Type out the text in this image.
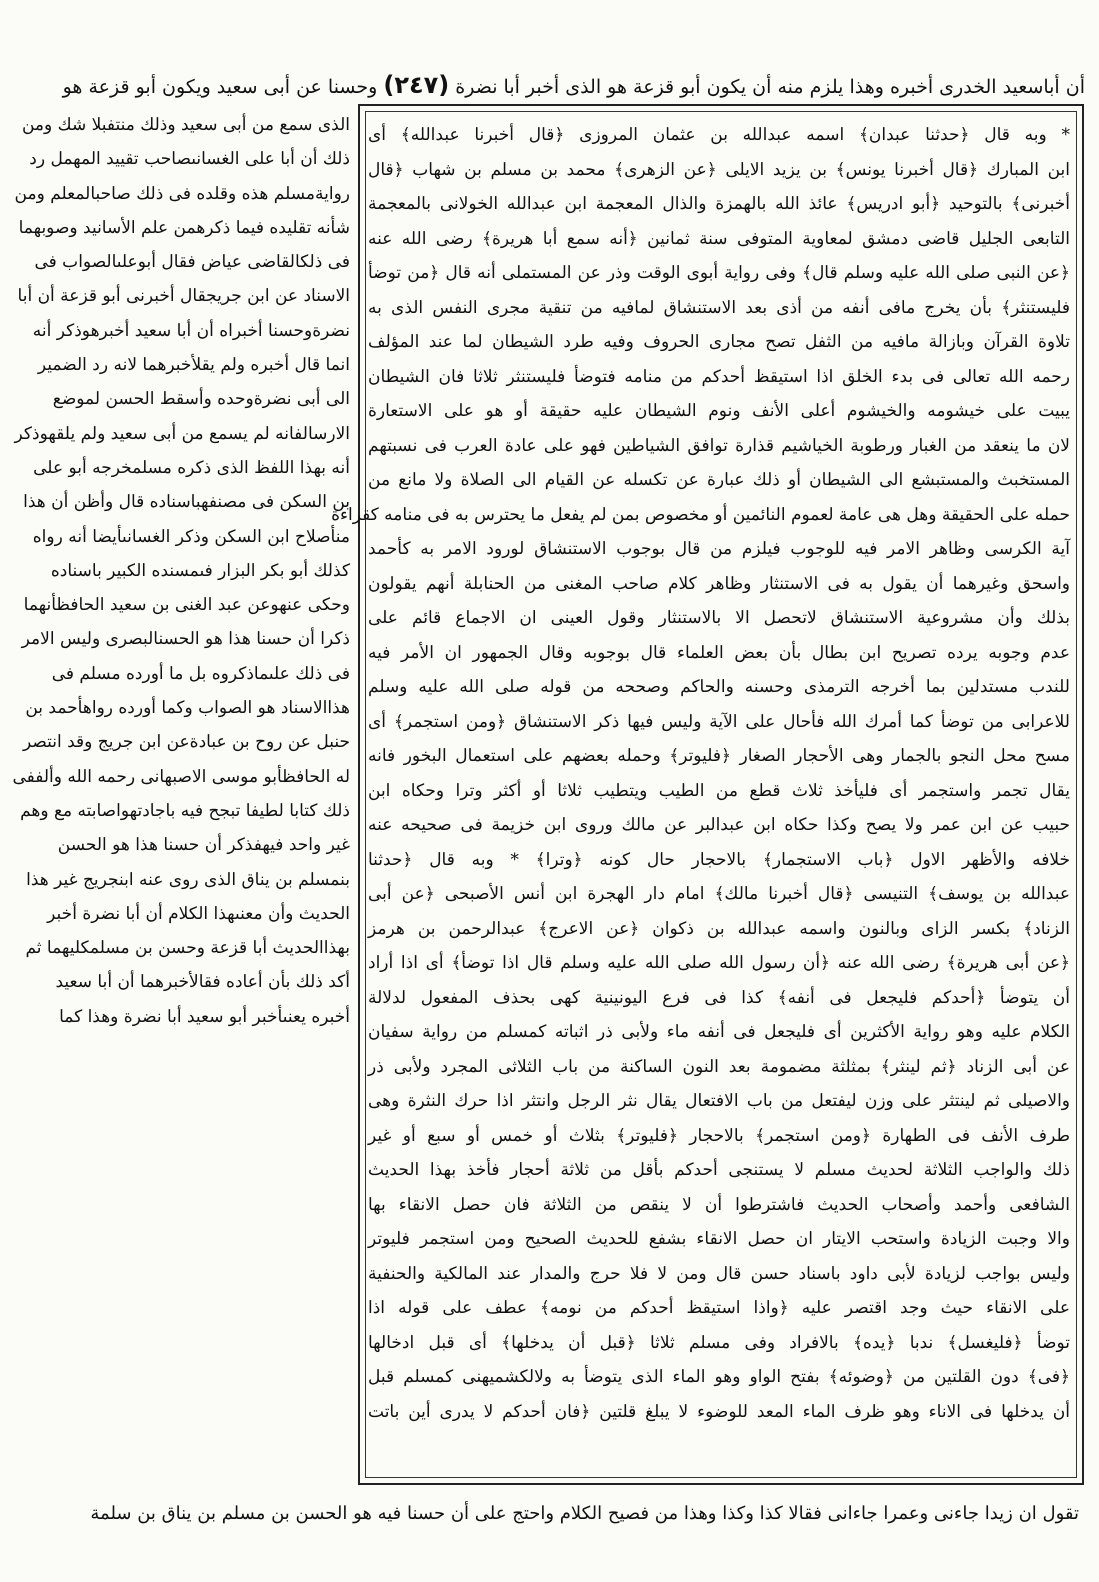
أن أباسعيد الخدرى أخبره وهذا يلزم منه أن يكون أبو قزعة هو الذى أخبر أبا نضرة (٢٤٧) وحسنا عن أبى سعيد ويكون أبو قزعة هو
* وبه قال ﴿حدثنا عبدان﴾ اسمه عبدالله بن عثمان المروزى ﴿قال أخبرنا عبدالله﴾ أى
ابن المبارك ﴿قال أخبرنا يونس﴾ بن يزيد الايلى ﴿عن الزهرى﴾ محمد بن مسلم بن شهاب ﴿قال
أخبرنى﴾ بالتوحيد ﴿أبو ادريس﴾ عائذ الله بالهمزة والذال المعجمة ابن عبدالله الخولانى بالمعجمة
التابعى الجليل قاضى دمشق لمعاوية المتوفى سنة ثمانين ﴿أنه سمع أبا هريرة﴾ رضى الله عنه
﴿عن النبى صلى الله عليه وسلم قال﴾ وفى رواية أبوى الوقت وذر عن المستملى أنه قال ﴿من توضأ
فليستنثر﴾ بأن يخرج مافى أنفه من أذى بعد الاستنشاق لمافيه من تنقية مجرى النفس الذى به
تلاوة القرآن وبازالة مافيه من الثفل تصح مجارى الحروف وفيه طرد الشيطان لما عند المؤلف
رحمه الله تعالى فى بدء الخلق اذا استيقظ أحدكم من منامه فتوضأ فليستنثر ثلاثا فان الشيطان
يبيت على خيشومه والخيشوم أعلى الأنف ونوم الشيطان عليه حقيقة أو هو على الاستعارة
لان ما ينعقد من الغبار ورطوبة الخياشيم قذارة توافق الشياطين فهو على عادة العرب فى نسبتهم
المستخبث والمستبشع الى الشيطان أو ذلك عبارة عن تكسله عن القيام الى الصلاة ولا مانع من
حمله على الحقيقة وهل هى عامة لعموم النائمين أو مخصوص بمن لم يفعل ما يحترس به فى منامه كقراءة
آية الكرسى وظاهر الامر فيه للوجوب فيلزم من قال بوجوب الاستنشاق لورود الامر به كأحمد
واسحق وغيرهما أن يقول به فى الاستنثار وظاهر كلام صاحب المغنى من الحنابلة أنهم يقولون
بذلك وأن مشروعية الاستنشاق لاتحصل الا بالاستنثار وقول العينى ان الاجماع قائم على
عدم وجوبه يرده تصريح ابن بطال بأن بعض العلماء قال بوجوبه وقال الجمهور ان الأمر فيه
للندب مستدلين بما أخرجه الترمذى وحسنه والحاكم وصححه من قوله صلى الله عليه وسلم
للاعرابى من توضأ كما أمرك الله فأحال على الآية وليس فيها ذكر الاستنشاق ﴿ومن استجمر﴾ أى
مسح محل النجو بالجمار وهى الأحجار الصغار ﴿فليوتر﴾ وحمله بعضهم على استعمال البخور فانه
يقال تجمر واستجمر أى فليأخذ ثلاث قطع من الطيب ويتطيب ثلاثا أو أكثر وترا وحكاه ابن
حبيب عن ابن عمر ولا يصح وكذا حكاه ابن عبدالبر عن مالك وروى ابن خزيمة فى صحيحه عنه
خلافه والأظهر الاول ﴿باب الاستجمار﴾ بالاحجار حال كونه ﴿وترا﴾ * وبه قال ﴿حدثنا
عبدالله بن يوسف﴾ التنيسى ﴿قال أخبرنا مالك﴾ امام دار الهجرة ابن أنس الأصبحى ﴿عن أبى
الزناد﴾ بكسر الزاى وبالنون واسمه عبدالله بن ذكوان ﴿عن الاعرج﴾ عبدالرحمن بن هرمز
﴿عن أبى هريرة﴾ رضى الله عنه ﴿أن رسول الله صلى الله عليه وسلم قال اذا توضأ﴾ أى اذا أراد
أن يتوضأ ﴿أحدكم فليجعل فى أنفه﴾ كذا فى فرع اليونينية كهى بحذف المفعول لدلالة
الكلام عليه وهو رواية الأكثرين أى فليجعل فى أنفه ماء ولأبى ذر اثباته كمسلم من رواية سفيان
عن أبى الزناد ﴿ثم لينثر﴾ بمثلثة مضمومة بعد النون الساكنة من باب الثلاثى المجرد ولأبى ذر
والاصيلى ثم لينتثر على وزن ليفتعل من باب الافتعال يقال نثر الرجل وانتثر اذا حرك النثرة وهى
طرف الأنف فى الطهارة ﴿ومن استجمر﴾ بالاحجار ﴿فليوتر﴾ بثلاث أو خمس أو سبع أو غير
ذلك والواجب الثلاثة لحديث مسلم لا يستنجى أحدكم بأقل من ثلاثة أحجار فأخذ بهذا الحديث
الشافعى وأحمد وأصحاب الحديث فاشترطوا أن لا ينقص من الثلاثة فان حصل الانقاء بها
والا وجبت الزيادة واستحب الايتار ان حصل الانقاء بشفع للحديث الصحيح ومن استجمر فليوتر
وليس بواجب لزيادة لأبى داود باسناد حسن قال ومن لا فلا حرج والمدار عند المالكية والحنفية
على الانقاء حيث وجد اقتصر عليه ﴿واذا استيقظ أحدكم من نومه﴾ عطف على قوله اذا
توضأ ﴿فليغسل﴾ ندبا ﴿يده﴾ بالافراد وفى مسلم ثلاثا ﴿قبل أن يدخلها﴾ أى قبل ادخالها
﴿فى﴾ دون القلتين من ﴿وضوئه﴾ بفتح الواو وهو الماء الذى يتوضأ به ولالكشميهنى كمسلم قبل
أن يدخلها فى الاناء وهو ظرف الماء المعد للوضوء لا يبلغ قلتين ﴿فان أحدكم لا يدرى أين باتت
الذى سمع من أبى سعيد وذلك منتفبلا شك ومن ذلك أن أبا على الغسانىصاحب تقييد المهمل رد روايةمسلم هذه وقلده فى ذلك صاحبالمعلم ومن شأنه تقليده فيما ذكرهمن علم الأسانيد وصوبهما فى ذلكالقاضى عياض فقال أبوعلىالصواب فى الاسناد عن ابن جريجقال أخبرنى أبو قزعة أن أبا نضرةوحسنا أخبراه أن أبا سعيد أخبرهوذكر أنه انما قال أخبره ولم يقلأخبرهما لانه رد الضمير الى أبى نضرةوحده وأسقط الحسن لموضع الارسالفانه لم يسمع من أبى سعيد ولم يلقهوذكر أنه بهذا اللفظ الذى ذكره مسلمخرجه أبو على بن السكن فى مصنفهباسناده قال وأظن أن هذا منأصلاح ابن السكن وذكر الغسانىأيضا أنه رواه كذلك أبو بكر البزار فىمسنده الكبير باسناده وحكى عنهوعن عبد الغنى بن سعيد الحافظأنهما ذكرا أن حسنا هذا هو الحسنالبصرى وليس الامر فى ذلك علىماذكروه بل ما أورده مسلم فى هذاالاسناد هو الصواب وكما أورده رواهأحمد بن حنبل عن روح بن عبادةعن ابن جريج وقد انتصر له الحافظأبو موسى الاصبهانى رحمه الله وألففى ذلك كتابا لطيفا تبجح فيه باجادتهواصابته مع وهم غير واحد فيهفذكر أن حسنا هذا هو الحسن بنمسلم بن يناق الذى روى عنه ابنجريج غير هذا الحديث وأن معنىهذا الكلام أن أبا نضرة أخبر بهذاالحديث أبا قزعة وحسن بن مسلمكليهما ثم أكد ذلك بأن أعاده فقالأخبرهما أن أبا سعيد أخبره يعنىأخبر أبو سعيد أبا نضرة وهذا كما
تقول ان زيدا جاءنى وعمرا جاءانى فقالا كذا وكذا وهذا من فصيح الكلام واحتج على أن حسنا فيه هو الحسن بن مسلم بن يناق بن سلمة
